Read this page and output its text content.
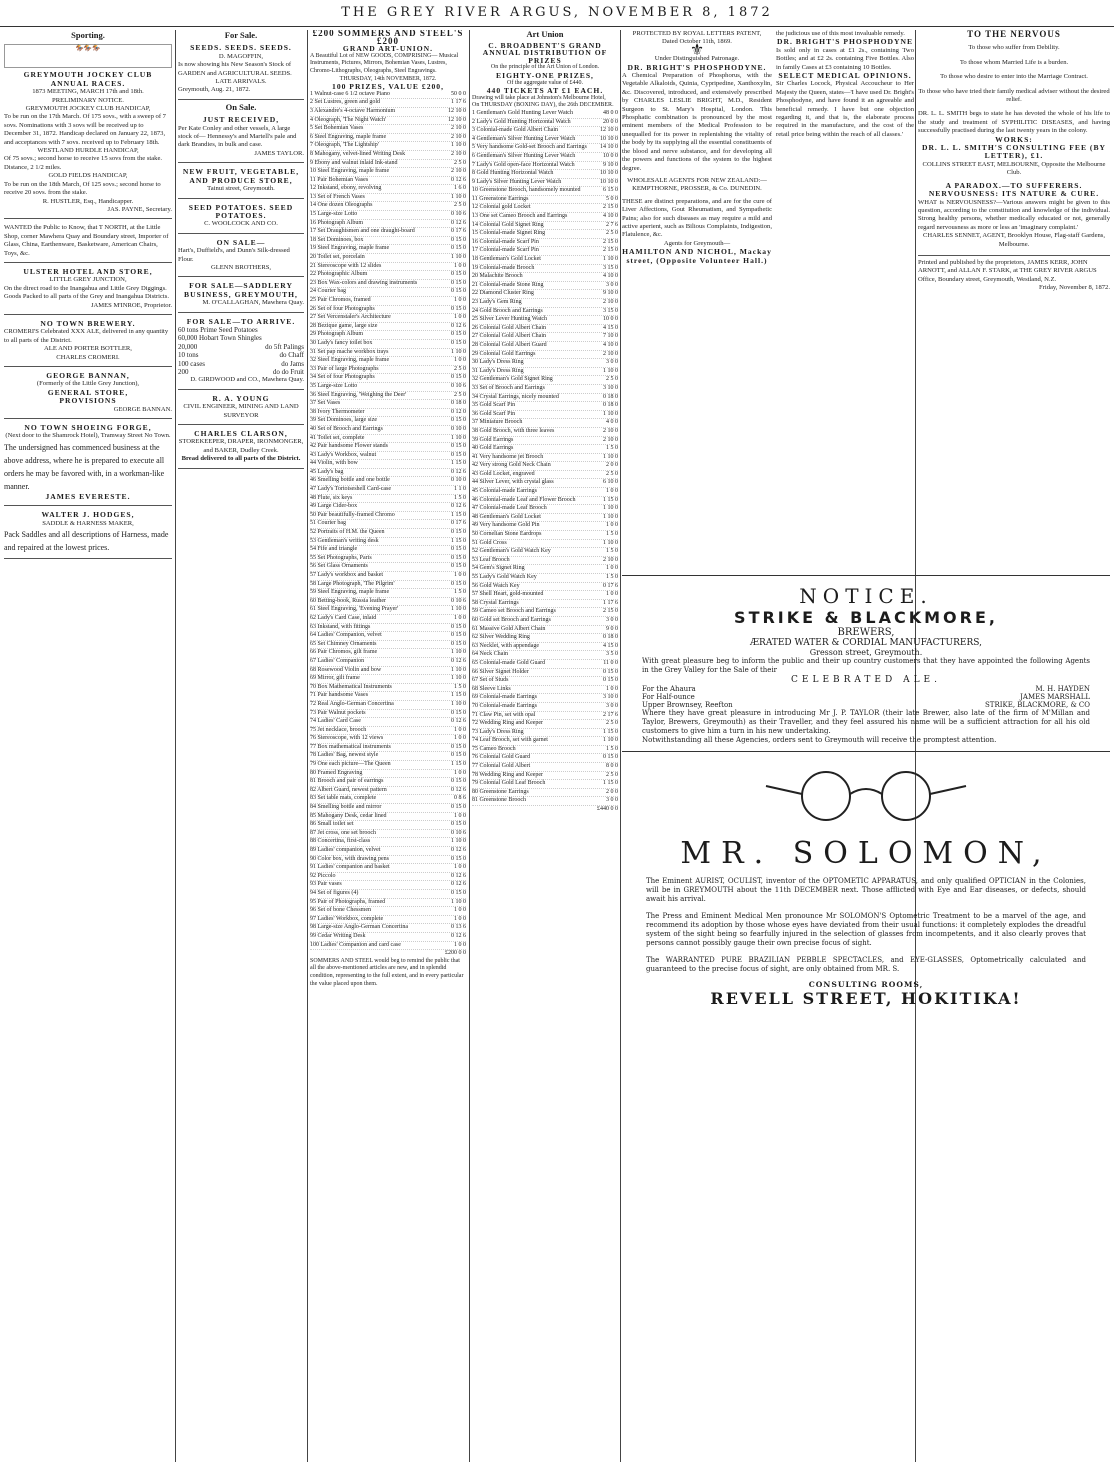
THE GREY RIVER ARGUS, NOVEMBER 8, 1872
Sporting.
🏇🏇🏇
GREYMOUTH JOCKEY CLUB ANNUAL RACES.
1873 MEETING, MARCH 17th and 18th.
PRELIMINARY NOTICE.
GREYMOUTH JOCKEY CLUB HANDICAP,
To be run on the 17th March. Of 175 sovs., with a sweep of 7 sovs. Nominations with 3 sovs will be received up to December 31, 1872. Handicap declared on January 22, 1873, and acceptances with 7 sovs. received up to February 18th.
WESTLAND HURDLE HANDICAP,
Of 75 sovs.; second horse to receive 15 sovs from the stake. Distance, 2 1/2 miles.
GOLD FIELDS HANDICAP,
To be run on the 18th March, Of 125 sovs.; second horse to receive 20 sovs. from the stake.
R. HUSTLER, Esq., Handicapper.
JAS. PAYNE, Secretary.
WANTED the Public to Know, that T NORTH, at the Little Shop, corner Mawhera Quay and Boundary street, Importer of Glass, China, Earthenware, Basketware, American Chairs, Toys, &c.
ULSTER HOTEL AND STORE,
LITTLE GREY JUNCTION,
On the direct road to the Inangahua and Little Grey Diggings. Goods Packed to all parts of the Grey and Inangahua Districts.
JAMES M'INROE, Proprietor.
NO TOWN BREWERY.
CROMERI'S Celebrated XXX ALE, delivered in any quantity to all parts of the District.
ALE AND PORTER BOTTLER,
CHARLES CROMERI.
GEORGE BANNAN,
(Formerly of the Little Grey Junction),
GENERAL STORE,
PROVISIONS
GEORGE BANNAN.
NO TOWN SHOEING FORGE,
(Next door to the Shamrock Hotel), Tramway Street No Town.
The undersigned has commenced business at the above address, where he is prepared to execute all orders he may be favored with, in a workman-like manner.
JAMES EVERESTE.
WALTER J. HODGES,
SADDLE & HARNESS MAKER,
Pack Saddles and all descriptions of Harness, made and repaired at the lowest prices.
For Sale.
SEEDS. SEEDS. SEEDS.
D. MAGOFFIN,
Is now showing his New Season's Stock of GARDEN and AGRICULTURAL SEEDS.
LATE ARRIVALS.
Greymouth, Aug. 21, 1872.
On Sale.
JUST RECEIVED,
Per Kate Conley and other vessels, A large stock of— Hennessy's and Martell's pale and dark Brandies, in bulk and case.
JAMES TAYLOR.
NEW FRUIT, VEGETABLE, AND PRODUCE STORE,
Tainui street, Greymouth.
SEED POTATOES. SEED POTATOES.
C. WOOLCOCK AND CO.
ON SALE—
Hart's, Duffield's, and Dunn's Silk-dressed Flour.
GLENN BROTHERS,
FOR SALE—SADDLERY BUSINESS, GREYMOUTH,
M. O'CALLAGHAN, Mawhera Quay.
FOR SALE—TO ARRIVE.
60 tons Prime Seed Potatoes
60,000 Hobart Town Shingles
20,000	do 5ft Palings
10 tons	do Chaff
100 cases	do Jams
200	do do Fruit
D. GIRDWOOD and CO., Mawhera Quay.
R. A. YOUNG
CIVIL ENGINEER, MINING AND LAND SURVEYOR
CHARLES CLARSON,
STOREKEEPER, DRAPER, IRONMONGER, and BAKER, Dudley Creek.
Bread delivered to all parts of the District.
£200 SOMMERS AND STEEL'S £200
GRAND ART-UNION.
A Beautiful Lot of NEW GOODS, COMPRISING— Musical Instruments, Pictures, Mirrors, Bohemian Vases, Lustres, Chromo-Lithographs, Oleographs, Steel Engravings.
THURSDAY, 14th NOVEMBER, 1872.
100 PRIZES, VALUE £200,
1 Walnut-case 6 1/2 octave Piano	50 0 0
2 Set Lustres, green and gold	1 17 6
3 Alexandre's 4-octave Harmonium	12 10 0
4 Oleograph, 'The Night Watch'	12 10 0
5 Set Bohemian Vases	2 10 0
6 Steel Engraving, maple frame	2 10 0
7 Oleograph, 'The Lightship'	1 10 0
8 Mahogany, velvet-lined Writing Desk	2 10 0
9 Ebony and walnut inlaid Ink-stand	2 5 0
10 Steel Engraving, maple frame	2 10 0
11 Pair Bohemian Vases	0 12 6
12 Inkstand, ebony, revolving	1 6 0
13 Set of French Vases	1 10 0
14 One dozen Oleographs	2 5 0
15 Large-size Lotto	0 10 6
16 Photograph Album	0 12 6
17 Set Draughtsmen and one draught-board	0 17 6
18 Set Dominoes, box	0 15 0
19 Steel Engraving, maple frame	0 15 0
20 Toilet set, porcelain	1 10 0
21 Stereoscope with 12 slides	1 0 0
22 Photographic Album	0 15 0
23 Box Wax-colors and drawing instruments	0 15 0
24 Courier bag	0 15 0
25 Pair Chromos, framed	1 0 0
26 Set of four Photographs	0 15 0
27 Set Vercenstaler's Architecture	1 0 0
28 Bezique game, large size	0 12 6
29 Photograph Album	0 15 0
30 Lady's fancy toilet box	0 15 0
31 Set pap mache workbox trays	1 10 0
32 Steel Engraving, maple frame	1 0 0
33 Pair of large Photographs	2 5 0
34 Set of four Photographs	0 15 0
35 Large-size Lotto	0 10 6
36 Steel Engraving, 'Weighing the Deer'	2 5 0
37 Set Vases	0 18 0
38 Ivory Thermometer	0 12 0
39 Set Dominoes, large size	0 15 0
40 Set of Brooch and Earrings	0 10 0
41 Toilet set, complete	1 10 0
42 Pair handsome Flower stands	0 15 0
43 Lady's Workbox, walnut	0 15 0
44 Violin, with bow	1 15 0
45 Lady's bag	0 12 6
46 Smelling bottle and one bottle	0 10 0
47 Lady's Tortoiseshell Card-case	1 1 0
48 Flute, six keys	1 5 0
49 Large Cider-box	0 12 6
50 Pair beautifully-framed Chromo	1 15 0
51 Courier bag	0 17 6
52 Portraits of H.M. the Queen	0 15 0
53 Gentleman's writing desk	1 15 0
54 Fife and triangle	0 15 0
55 Set Photographs, Paris	0 15 0
56 Set Glass Ornaments	0 15 0
57 Lady's workbox and basket	1 0 0
58 Large Photograph, 'The Pilgrim'	0 15 0
59 Steel Engraving, maple frame	1 5 0
60 Betting-book, Russia leather	0 10 6
61 Steel Engraving, 'Evening Prayer'	1 10 0
62 Lady's Card Case, inlaid	1 0 0
63 Inkstand, with fittings	0 15 0
64 Ladies' Companion, velvet	0 15 0
65 Set Chimney Ornaments	0 15 0
66 Pair Chromos, gilt frame	1 10 0
67 Ladies' Companion	0 12 6
68 Rosewood Violin and bow	1 10 0
69 Mirror, gilt frame	1 10 0
70 Box Mathematical Instruments	1 5 0
71 Pair handsome Vases	1 15 0
72 Real Anglo-German Concertina	1 10 0
73 Pair Walnut pockets	0 15 0
74 Ladies' Card Case	0 12 6
75 Jet necklace, brooch	1 0 0
76 Stereoscope, with 12 views	1 0 0
77 Box mathematical instruments	0 15 0
78 Ladies' Bag, newest style	0 15 0
79 One each picture—The Queen	1 15 0
80 Framed Engraving	1 0 0
81 Brooch and pair of earrings	0 15 0
82 Albert Guard, newest pattern	0 12 6
83 Set table mats, complete	0 8 6
84 Smelling bottle and mirror	0 15 0
85 Mahogany Desk, cedar lined	1 0 0
86 Small toilet set	0 15 0
87 Jet cross, one set brooch	0 10 6
88 Concertina, first-class	1 10 0
89 Ladies' companion, velvet	0 12 6
90 Color box, with drawing pens	0 15 0
91 Ladies' companion and basket	1 0 0
92 Piccolo	0 12 6
93 Pair vases	0 12 6
94 Set of figures (4)	0 15 0
95 Pair of Photographs, framed	1 10 0
96 Set of bone Chessmen	1 0 0
97 Ladies' Workbox, complete	1 0 0
98 Large-size Anglo-German Concertina	0 13 6
99 Cedar Writing Desk	0 12 6
100 Ladies' Companion and card case	1 0 0
£200 0 0
SOMMERS AND STEEL would beg to remind the public that all the above-mentioned articles are new, and in splendid condition, representing to the full extent, and in every particular the value placed upon them.
Art Union
C. BROADBENT'S GRAND ANNUAL DISTRIBUTION OF PRIZES
On the principle of the Art Union of London.
EIGHTY-ONE PRIZES,
Of the aggregate value of £440.
440 TICKETS AT £1 EACH.
Drawing will take place at Johnston's Melbourne Hotel,
On THURSDAY (BOXING DAY), the 26th DECEMBER.
1 Gentleman's Gold Hunting Lever Watch	48 0 0
2 Lady's Gold Hunting Horizontal Watch	20 0 0
3 Colonial-made Gold Albert Chain	12 10 0
4 Gentleman's Silver Hunting Lever Watch	10 10 0
5 Very handsome Gold-set Brooch and Earrings 14 10 0
6 Gentleman's Silver Hunting Lever Watch	10 0 0
7 Lady's Gold open-face Horizontal Watch	9 10 0
8 Gold Hunting Horizontal Watch	10 10 0
9 Lady's Silver Hunting Lever Watch	10 10 0
10 Greenstone Brooch, handsomely mounted	6 15 0
11 Greenstone Earrings	5 0 0
12 Colonial gold Locket	2 15 0
13 One set Cameo Brooch and Earrings	4 10 0
14 Colonial Gold Signet Ring	2 7 6
15 Colonial-made Signet Ring	2 5 0
16 Colonial-made Scarf Pin	2 15 0
17 Colonial-made Scarf Pin	2 15 0
18 Gentleman's Gold Locket	1 10 0
19 Colonial-made Brooch	3 15 0
20 Malachite Brooch	4 10 0
21 Colonial-made Stone Ring	3 0 0
22 Diamond Cluster Ring	9 10 0
23 Lady's Gem Ring	2 10 0
24 Gold Brooch and Earrings	3 15 0
25 Silver Lever Hunting Watch	10 0 0
26 Colonial Gold Albert Chain	4 15 0
27 Colonial Gold Albert Chain	7 10 0
28 Colonial Gold Albert Guard	4 10 0
29 Colonial Gold Earrings	2 10 0
30 Lady's Dress Ring	3 0 0
31 Lady's Dress Ring	1 10 0
32 Gentleman's Gold Signet Ring	2 5 0
33 Set of Brooch and Earrings	3 10 0
34 Crystal Earrings, nicely mounted	0 18 0
35 Gold Scarf Pin	0 18 0
36 Gold Scarf Pin	1 10 0
37 Miniature Brooch	4 0 0
38 Gold Brooch, with three leaves	2 10 0
39 Gold Earrings	2 10 0
40 Gold Earrings	1 5 0
41 Very handsome jet Brooch	1 10 0
42 Very strong Gold Neck Chain	2 0 0
43 Gold Locket, engraved	2 5 0
44 Silver Lever, with crystal glass	6 10 0
45 Colonial-made Earrings	1 0 0
46 Colonial-made Leaf and Flower Brooch	1 15 0
47 Colonial-made Leaf Brooch	1 10 0
48 Gentleman's Gold Locket	1 10 0
49 Very handsome Gold Pin	1 0 0
50 Cornelian Stone Eardrops	1 5 0
51 Gold Cross	1 10 0
52 Gentleman's Gold Watch Key	1 5 0
53 Leaf Brooch	2 10 0
54 Gem's Signet Ring	1 0 0
55 Lady's Gold Watch Key	1 5 0
56 Gold Watch Key	0 17 6
57 Shell Heart, gold-mounted	1 0 0
58 Crystal Earrings	1 17 6
59 Cameo set Brooch and Earrings	2 15 0
60 Gold set Brooch and Earrings	3 0 0
61 Massive Gold Albert Chain	9 0 0
62 Silver Wedding Ring	0 18 0
63 Necklet, with appendage	4 15 0
64 Neck Chain	3 5 0
65 Colonial-made Gold Guard	11 0 0
66 Silver Signet Holder	0 15 0
67 Set of Studs	0 15 0
68 Sleeve Links	1 0 0
69 Colonial-made Earrings	3 10 0
70 Colonial-made Earrings	3 0 0
71 Claw Pin, set with opal	2 17 6
72 Wedding Ring and Keeper	2 5 0
73 Lady's Dress Ring	1 15 0
74 Leaf Brooch, set with garnet	1 10 0
75 Cameo Brooch	1 5 0
76 Colonial Gold Guard	0 15 0
77 Colonial Gold Albert	8 0 0
78 Wedding Ring and Keeper	2 5 0
79 Colonial Gold Leaf Brooch	1 15 0
80 Greenstone Earrings	2 0 0
81 Greenstone Brooch	3 0 0
£440 0 0
PROTECTED BY ROYAL LETTERS PATENT,
Dated October 11th, 1869.
⚜
Under Distinguished Patronage.
DR. BRIGHT'S PHOSPHODYNE.
A Chemical Preparation of Phosphorus, with the Vegetable Alkaloids, Quinia, Cypripedine, Xanthoxylin, &c. Discovered, introduced, and extensively prescribed by CHARLES LESLIE BRIGHT, M.D., Resident Surgeon to St. Mary's Hospital, London. This Phosphatic combination is pronounced by the most eminent members of the Medical Profession to be unequalled for its power in replenishing the vitality of the body by its supplying all the essential constituents of the blood and nerve substance, and for developing all the powers and functions of the system to the highest degree.
WHOLESALE AGENTS FOR NEW ZEALAND:—
KEMPTHORNE, PROSSER, & Co. DUNEDIN.
THESE are distinct preparations, and are for the cure of Liver Affections, Gout Rheumatism, and Sympathetic Pains; also for such diseases as may require a mild and active aperient, such as Bilious Complaints, Indigestion, Flatulence, &c.
Agents for Greymouth—
HAMILTON AND NICHOL, Mackay street, (Opposite Volunteer Hall.)
the judicious use of this most invaluable remedy.
DR. BRIGHT'S PHOSPHODYNE
Is sold only in cases at £1 2s., containing Two Bottles; and at £2 2s. containing Five Bottles. Also in family Cases at £3 containing 10 Bottles.
SELECT MEDICAL OPINIONS.
Sir Charles Locock, Physical Accoucheur to Her Majesty the Queen, states—'I have used Dr. Bright's Phosphodyne, and have found it an agreeable and beneficial remedy. I have but one objection regarding it, and that is, the elaborate process required in the manufacture, and the cost of the retail price being within the reach of all classes.'
TO THE NERVOUS
To those who suffer from Debility.
To those whom Married Life is a burden.
To those who desire to enter into the Marriage Contract.
To those who have tried their family medical adviser without the desired relief.
DR. L. L. SMITH begs to state he has devoted the whole of his life to the study and treatment of SYPHILITIC DISEASES, and having successfully practised during the last twenty years in the colony.
WORKS:
DR. L. L. SMITH'S CONSULTING FEE (BY LETTER), £1.
COLLINS STREET EAST, MELBOURNE, Opposite the Melbourne Club.
A PARADOX.—TO SUFFERERS. NERVOUSNESS: ITS NATURE & CURE.
WHAT is NERVOUSNESS?—Various answers might be given to this question, according to the constitution and knowledge of the individual. Strong healthy persons, whether medically educated or not, generally regard nervousness as more or less an 'imaginary complaint.'
CHARLES SENNET, AGENT, Brooklyn House, Flag-staff Gardens, Melbourne.
Printed and published by the proprietors, JAMES KERR, JOHN ARNOTT, and ALLAN F. STARK, at THE GREY RIVER ARGUS Office, Boundary street, Greymouth, Westland, N.Z.
Friday, November 8, 1872.
NOTICE.
STRIKE & BLACKMORE,
BREWERS,
ÆRATED WATER & CORDIAL MANUFACTURERS,
Gresson street, Greymouth.
With great pleasure beg to inform the public and their up country customers that they have appointed the following Agents in the Grey Valley for the Sale of their
CELEBRATED ALE.
For the Ahaura	M. H. HAYDEN
For Half-ounce	JAMES MARSHALL
Upper Brownsey, Reefton	STRIKE, BLACKMORE, & CO
Where they have great pleasure in introducing Mr J. P. TAYLOR (their late Brewer, also late of the firm of M'Millan and Taylor, Brewers, Greymouth) as their Traveller, and they feel assured his name will be a sufficient attraction for all his old customers to give him a turn in his new undertaking.
Notwithstanding all these Agencies, orders sent to Greymouth will receive the promptest attention.
MR. SOLOMON,
The Eminent AURIST, OCULIST, inventor of the OPTOMETIC APPARATUS, and only qualified OPTICIAN in the Colonies, will be in GREYMOUTH about the 11th DECEMBER next. Those afflicted with Eye and Ear diseases, or defects, should await his arrival.
The Press and Eminent Medical Men pronounce Mr SOLOMON'S Optometric Treatment to be a marvel of the age, and recommend its adoption by those whose eyes have deviated from their usual functions: it completely explodes the dreadful system of the sight being so fearfully injured in the selection of glasses from incompetents, and it also clearly proves that persons cannot possibly gauge their own precise focus of sight.
The WARRANTED PURE BRAZILIAN PEBBLE SPECTACLES, and EYE-GLASSES, Optometrically calculated and guaranteed to the precise focus of sight, are only obtained from MR. S.
CONSULTING ROOMS,
REVELL STREET, HOKITIKA!
